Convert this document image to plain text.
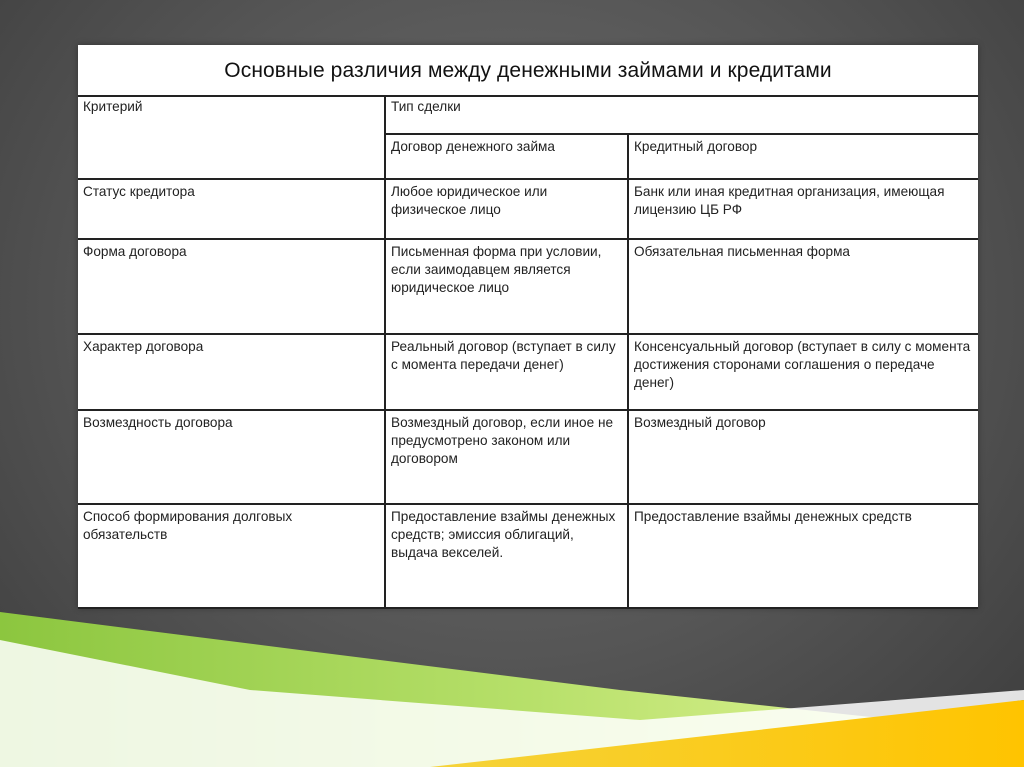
Основные различия между денежными займами и кредитами
Критерий	Тип сделки	
	Договор денежного займа	Кредитный договор
Статус кредитора	Любое юридическое или физическое лицо	Банк или иная кредитная организация, имеющая лицензию ЦБ РФ
Форма договора	Письменная форма при условии, если заимодавцем является юридическое лицо	Обязательная письменная форма
Характер договора	Реальный договор (вступает в силу с момента передачи денег)	Консенсуальный договор (вступает в силу с момента достижения сторонами соглашения о передаче денег)
Возмездность договора	Возмездный договор, если иное не предусмотрено законом или договором	Возмездный договор
Способ формирования долговых обязательств	Предоставление взаймы денежных средств; эмиссия облигаций, выдача векселей.	Предоставление взаймы денежных средств
